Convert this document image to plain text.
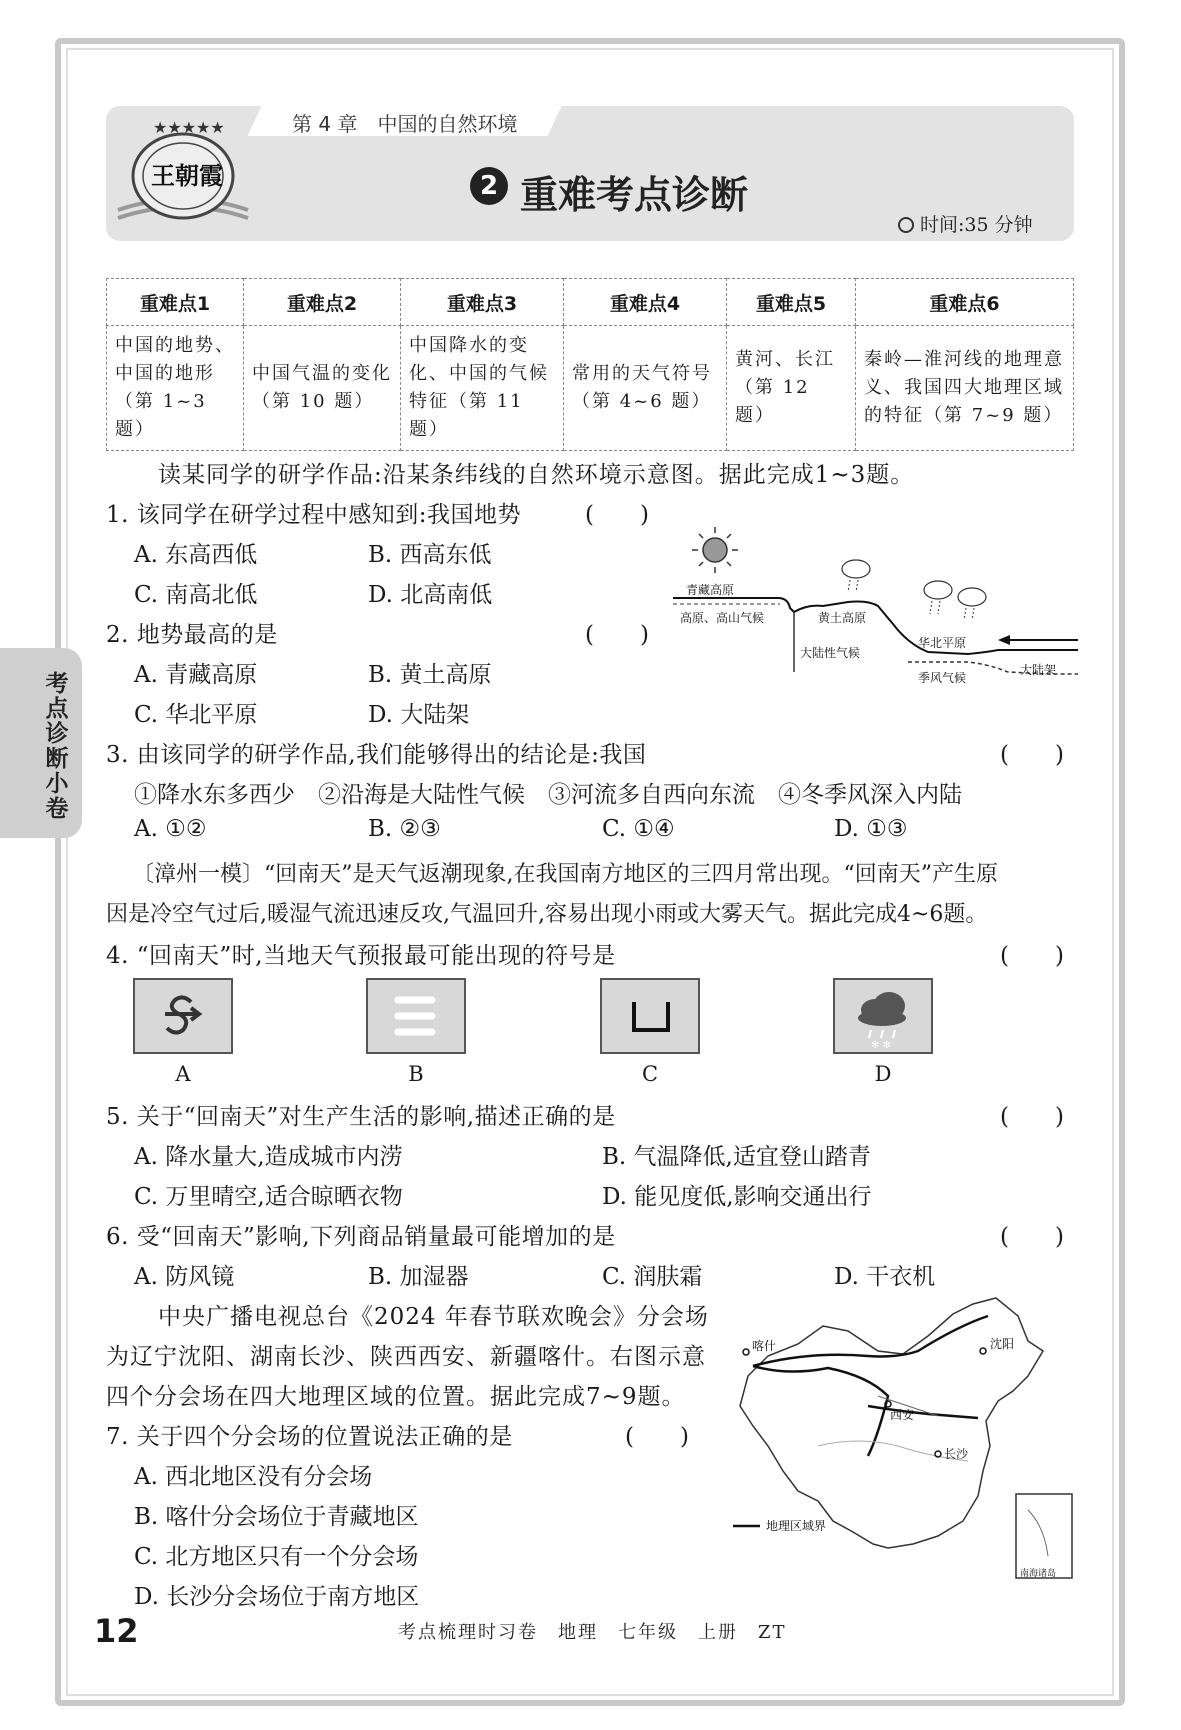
★★★★★
王朝霞
第 4 章　中国的自然环境
2 重难考点诊断
时间:35 分钟
重难点1	重难点2	重难点3	重难点4	重难点5	重难点6
中国的地势、中国的地形（第 1~3 题）	中国气温的变化（第 10 题）	中国降水的变化、中国的气候特征（第 11 题）	常用的天气符号（第 4~6 题）	黄河、长江（第 12 题）	秦岭—淮河线的地理意义、我国四大地理区域的特征（第 7~9 题）
读某同学的研学作品:沿某条纬线的自然环境示意图。据此完成1~3题。
1. 该同学在研学过程中感知到:我国地势	(　　)
A. 东高西低	B. 西高东低
C. 南高北低	D. 北高南低
2. 地势最高的是	(　　)
A. 青藏高原	B. 黄土高原
C. 华北平原	D. 大陆架
青藏高原
高原、高山气候	黄土高原
大陆性气候
华北平原
季风气候
大陆架
3. 由该同学的研学作品,我们能够得出的结论是:我国	(　　)
①降水东多西少　②沿海是大陆性气候　③河流多自西向东流　④冬季风深入内陆
A. ①②	B. ②③	C. ①④	D. ①③
〔漳州一模〕“回南天”是天气返潮现象,在我国南方地区的三四月常出现。“回南天”产生原
因是冷空气过后,暖湿气流迅速反攻,气温回升,容易出现小雨或大雾天气。据此完成4~6题。
4. “回南天”时,当地天气预报最可能出现的符号是	(　　)
✻ ✻
A	B	C	D
5. 关于“回南天”对生产生活的影响,描述正确的是	(　　)
A. 降水量大,造成城市内涝	B. 气温降低,适宜登山踏青
C. 万里晴空,适合晾晒衣物	D. 能见度低,影响交通出行
6. 受“回南天”影响,下列商品销量最可能增加的是	(　　)
A. 防风镜	B. 加湿器	C. 润肤霜	D. 干衣机
中央广播电视总台《2024 年春节联欢晚会》分会场
为辽宁沈阳、湖南长沙、陕西西安、新疆喀什。右图示意
四个分会场在四大地理区域的位置。据此完成7~9题。
7. 关于四个分会场的位置说法正确的是	(　　)
A. 西北地区没有分会场
B. 喀什分会场位于青藏地区
C. 北方地区只有一个分会场
D. 长沙分会场位于南方地区
喀什	沈阳
西安
长沙
地理区域界
南海诸岛
考点诊断小卷
12	考点梳理时习卷　地理　七年级　上册　ZT
